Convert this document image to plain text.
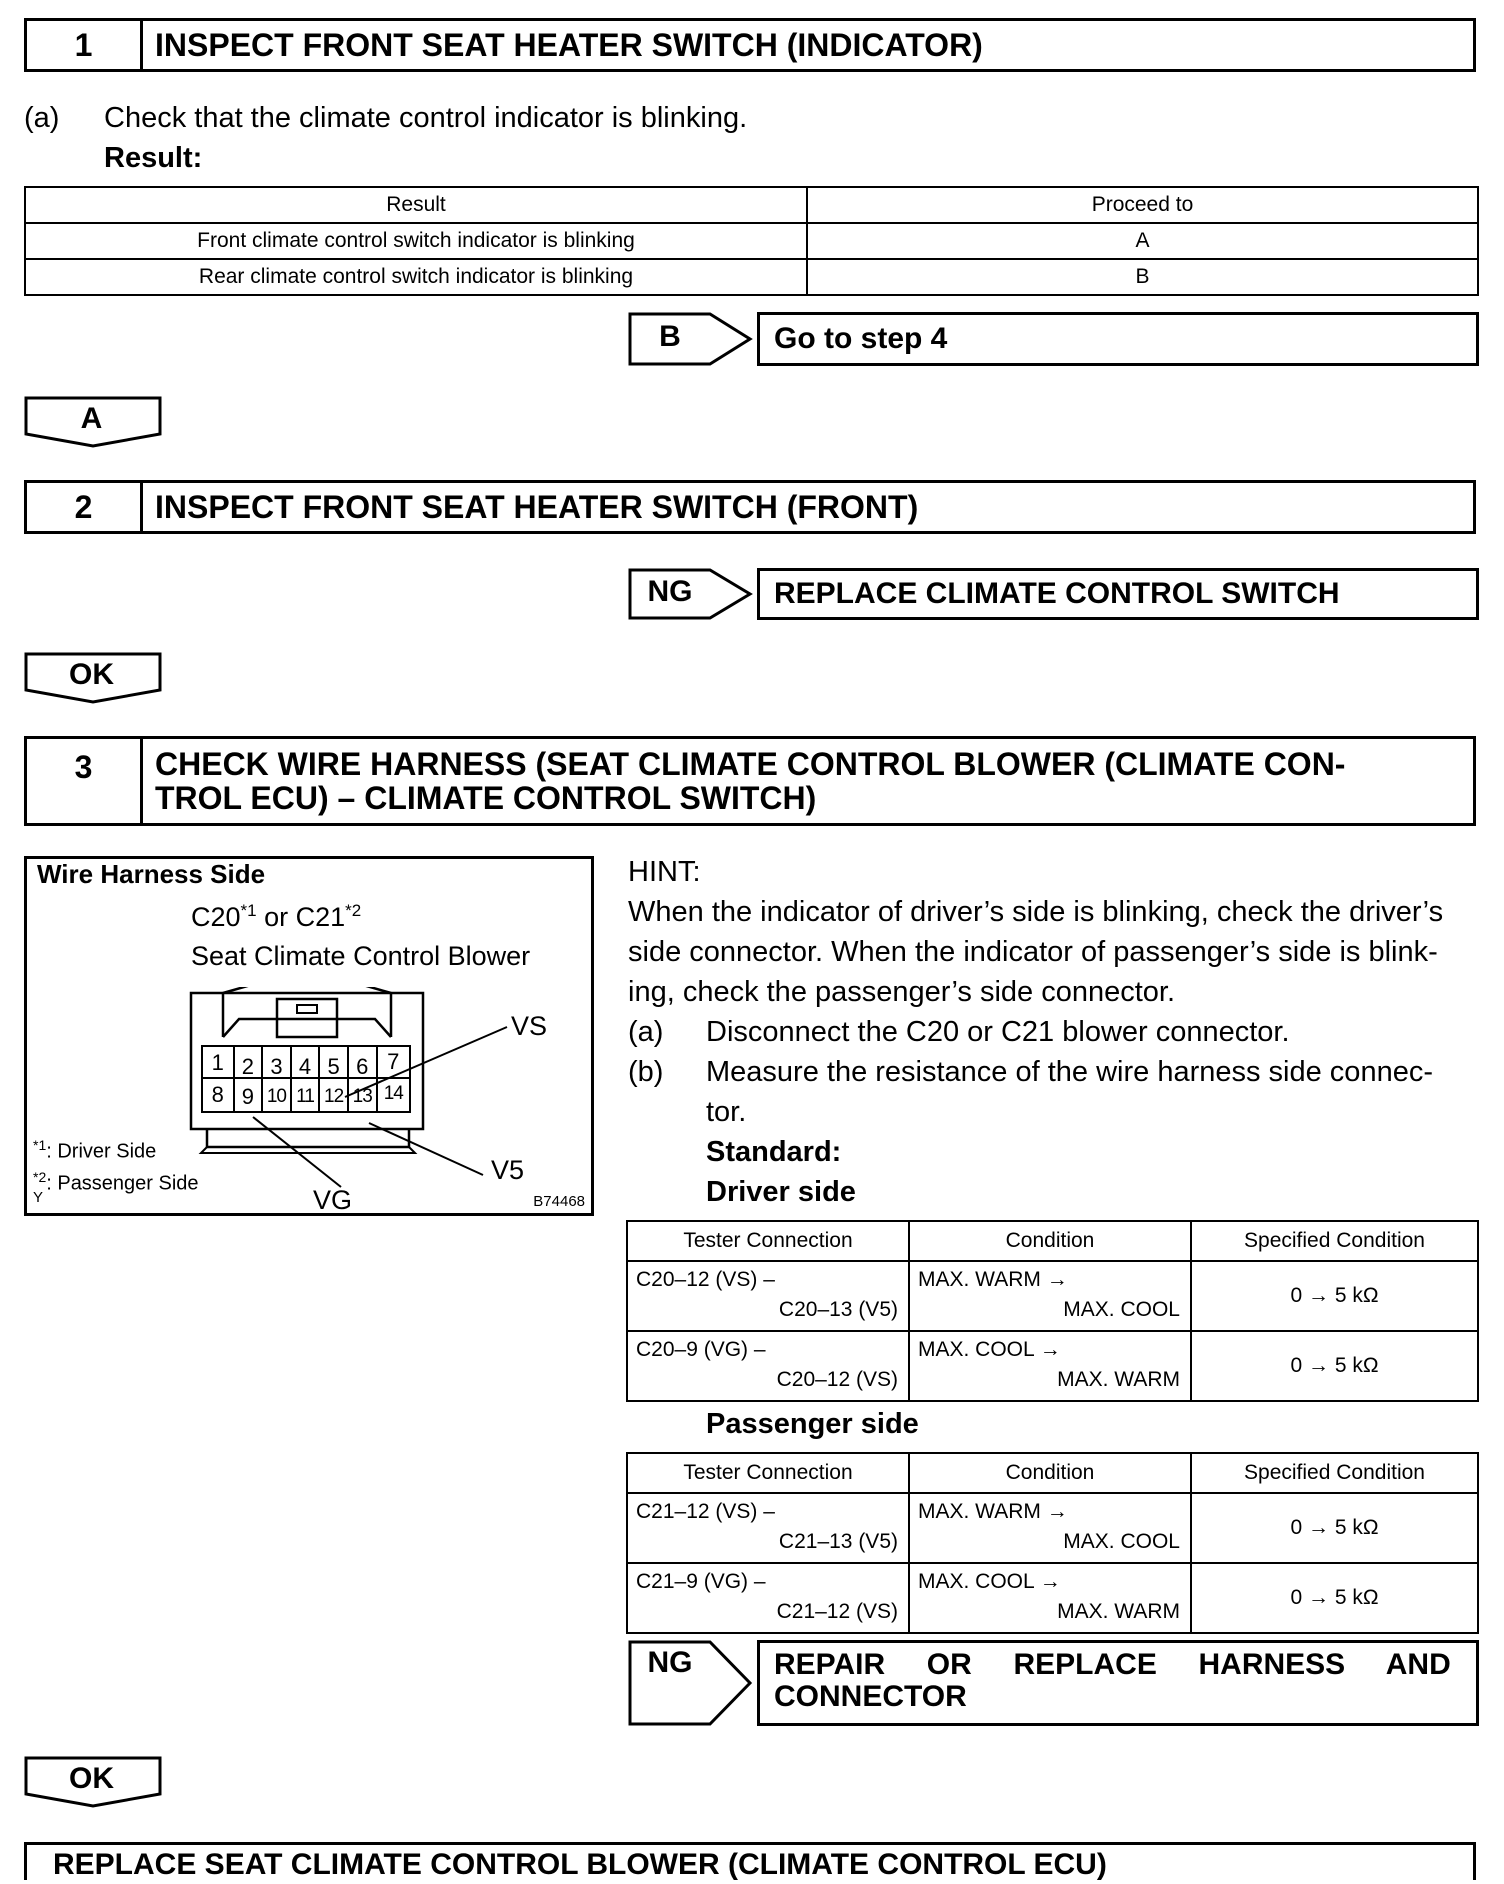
1	INSPECT FRONT SEAT HEATER SWITCH (INDICATOR)
(a) Check that the climate control indicator is blinking.
Result:
Result	Proceed to
Front climate control switch indicator is blinking	A
Rear climate control switch indicator is blinking	B
B	Go to step 4
A
2	INSPECT FRONT SEAT HEATER SWITCH (FRONT)
NG	REPLACE CLIMATE CONTROL SWITCH
OK
3	CHECK WIRE HARNESS (SEAT CLIMATE CONTROL BLOWER (CLIMATE CON-
TROL ECU) – CLIMATE CONTROL SWITCH)
Wire Harness Side
C20$^{*1}$ or C21$^{*2}$
Seat Climate Control Blower
1 2 3 4 5 6 7
8 9 10 11 12 13 14
VS
V5
VG
$^{*1}$: Driver Side
$^{*2}$: Passenger Side
Y	B74468
HINT:
When the indicator of driver’s side is blinking, check the driver’s
side connector. When the indicator of passenger’s side is blink-
ing, check the passenger’s side connector.
(a) Disconnect the C20 or C21 blower connector.
(b) Measure the resistance of the wire harness side connec-
tor.
Standard:
Driver side
Tester Connection	Condition	Specified Condition

C20–12 (VS) –
C20–13 (V5)	MAX. WARM →
MAX. COOL	0 → 5 kΩ

C20–9 (VG) –
C20–12 (VS)	MAX. COOL →
MAX. WARM	0 → 5 kΩ
Passenger side
Tester Connection	Condition	Specified Condition

C21–12 (VS) –
C21–13 (V5)	MAX. WARM →
MAX. COOL	0 → 5 kΩ

C21–9 (VG) –
C21–12 (VS)	MAX. COOL →
MAX. WARM	0 → 5 kΩ
NG	REPAIR     OR     REPLACE     HARNESS     AND
CONNECTOR
OK
REPLACE SEAT CLIMATE CONTROL BLOWER (CLIMATE CONTROL ECU)
